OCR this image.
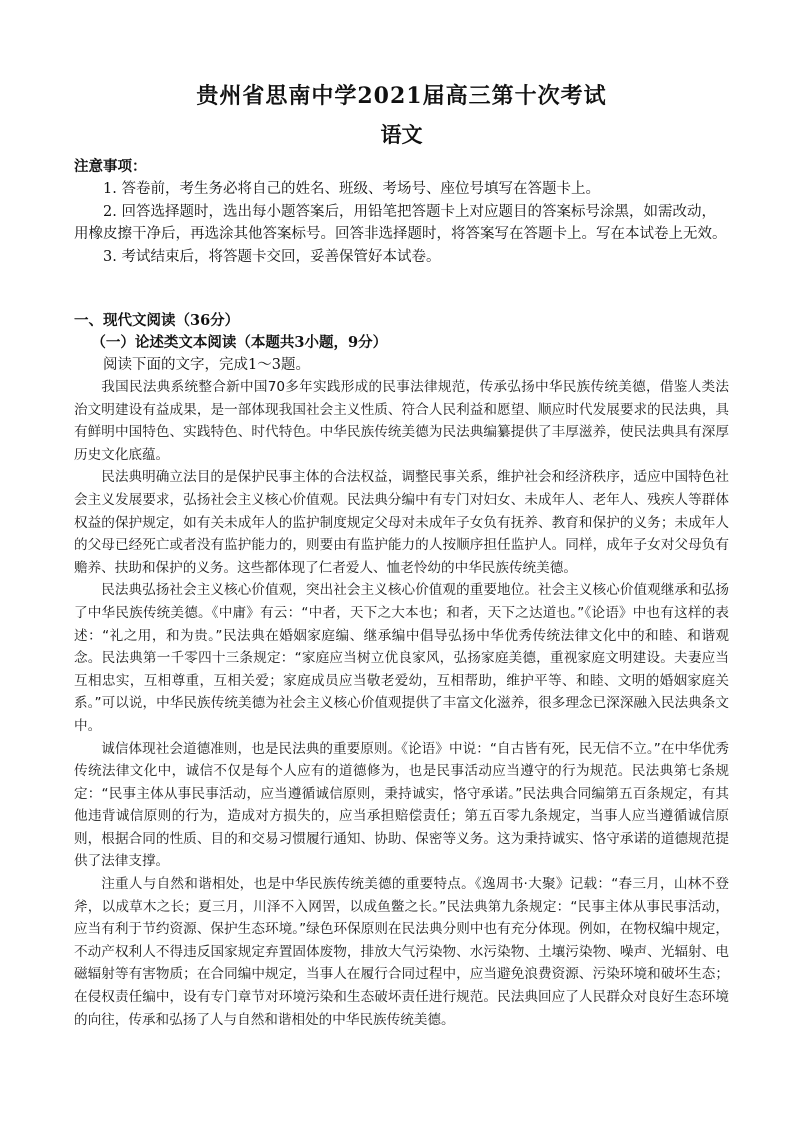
贵州省思南中学2021届高三第十次考试
语文

注意事项：

1. 答卷前，考生务必将自己的姓名、班级、考场号、座位号填写在答题卡上。

2. 回答选择题时，选出每小题答案后，用铅笔把答题卡上对应题目的答案标号涂黑，如需改动，用橡皮擦干净后，再选涂其他答案标号。回答非选择题时，将答案写在答题卡上。写在本试卷上无效。

3. 考试结束后，将答题卡交回，妥善保管好本试卷。

一、现代文阅读（36分）

（一）论述类文本阅读（本题共3小题，9分）

阅读下面的文字，完成1～3题。

我国民法典系统整合新中国70多年实践形成的民事法律规范，传承弘扬中华民族传统美德，借鉴人类法治文明建设有益成果，是一部体现我国社会主义性质、符合人民利益和愿望、顺应时代发展要求的民法典，具有鲜明中国特色、实践特色、时代特色。中华民族传统美德为民法典编纂提供了丰厚滋养，使民法典具有深厚历史文化底蕴。

民法典明确立法目的是保护民事主体的合法权益，调整民事关系，维护社会和经济秩序，适应中国特色社会主义发展要求，弘扬社会主义核心价值观。民法典分编中有专门对妇女、未成年人、老年人、残疾人等群体权益的保护规定，如有关未成年人的监护制度规定父母对未成年子女负有抚养、教育和保护的义务；未成年人的父母已经死亡或者没有监护能力的，则要由有监护能力的人按顺序担任监护人。同样，成年子女对父母负有赡养、扶助和保护的义务。这些都体现了仁者爱人、恤老怜幼的中华民族传统美德。

民法典弘扬社会主义核心价值观，突出社会主义核心价值观的重要地位。社会主义核心价值观继承和弘扬了中华民族传统美德。《中庸》有云：“中者，天下之大本也；和者，天下之达道也。”《论语》中也有这样的表述：“礼之用，和为贵。”民法典在婚姻家庭编、继承编中倡导弘扬中华优秀传统法律文化中的和睦、和谐观念。民法典第一千零四十三条规定：“家庭应当树立优良家风，弘扬家庭美德，重视家庭文明建设。夫妻应当互相忠实，互相尊重，互相关爱；家庭成员应当敬老爱幼，互相帮助，维护平等、和睦、文明的婚姻家庭关系。”可以说，中华民族传统美德为社会主义核心价值观提供了丰富文化滋养，很多理念已深深融入民法典条文中。

诚信体现社会道德准则，也是民法典的重要原则。《论语》中说：“自古皆有死，民无信不立。”在中华优秀传统法律文化中，诚信不仅是每个人应有的道德修为，也是民事活动应当遵守的行为规范。民法典第七条规定：“民事主体从事民事活动，应当遵循诚信原则，秉持诚实，恪守承诺。”民法典合同编第五百条规定，有其他违背诚信原则的行为，造成对方损失的，应当承担赔偿责任；第五百零九条规定，当事人应当遵循诚信原则，根据合同的性质、目的和交易习惯履行通知、协助、保密等义务。这为秉持诚实、恪守承诺的道德规范提供了法律支撑。

注重人与自然和谐相处，也是中华民族传统美德的重要特点。《逸周书·大聚》记载：“春三月，山林不登斧，以成草木之长；夏三月，川泽不入网罟，以成鱼鳖之长。”民法典第九条规定：“民事主体从事民事活动，应当有利于节约资源、保护生态环境。”绿色环保原则在民法典分则中也有充分体现。例如，在物权编中规定，不动产权利人不得违反国家规定弃置固体废物，排放大气污染物、水污染物、土壤污染物、噪声、光辐射、电磁辐射等有害物质；在合同编中规定，当事人在履行合同过程中，应当避免浪费资源、污染环境和破坏生态；在侵权责任编中，设有专门章节对环境污染和生态破坏责任进行规范。民法典回应了人民群众对良好生态环境的向往，传承和弘扬了人与自然和谐相处的中华民族传统美德。
